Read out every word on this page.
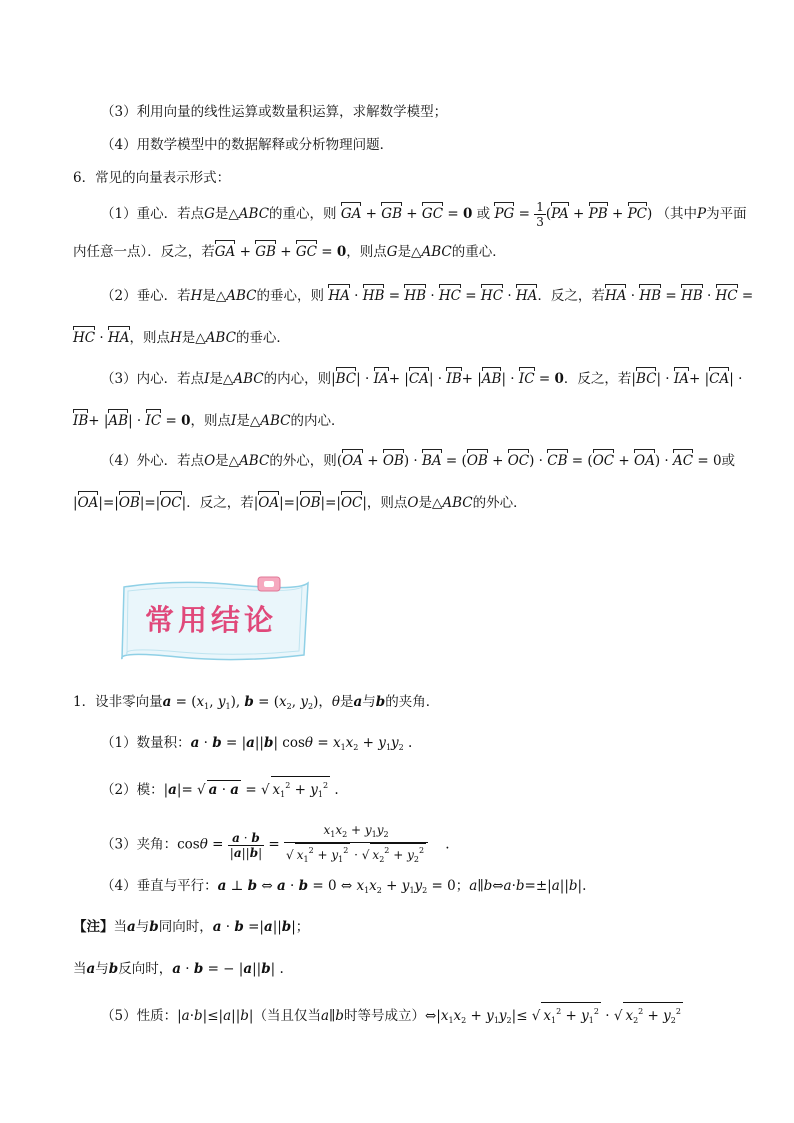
（3）利用向量的线性运算或数量积运算，求解数学模型；
（4）用数学模型中的数据解释或分析物理问题．
6．常见的向量表示形式：
（1）重心．若点G是△ABC的重心，则 GA + GB + GC = 0 或 PG = $\frac{1}{3} (PA$ + PB + PC) （其中P为平面
内任意一点）．反之，若GA + GB + GC = 0，则点G是△ABC的重心．
（2）垂心．若H是△ABC的垂心，则 HA · HB = HB · HC = HC · HA．反之，若HA · HB = HB · HC =
HC · HA，则点H是△ABC的垂心．
（3）内心．若点I是△ABC的内心，则|BC| · IA+ |CA| · IB+ |AB| · IC = 0．反之，若|BC| · IA+ |CA| ·
IB+ |AB| · IC = 0，则点I是△ABC的内心．
（4）外心．若点O是△ABC的外心，则(OA + OB) · BA = (OB + OC) · CB = (OC + OA) · AC = 0或
|OA|=|OB|=|OC|．反之，若|OA|=|OB|=|OC|，则点O是△ABC的外心．
常用结论
1．设非零向量$a = (x_1$, $y_1$), $b = (x_2$, $y_2$)，θ是a与b的夹角．
（1）数量积：a · b = |a||b| $\cos\theta = x_1x_2 + y_1y_2$ .
（2）模：|a|= √ a · a = √ $x_1^2 + y_1^2$ .
（3）夹角：$\cos\theta = \frac{a \cdot b}{|a||b|} = \frac{x_1x_2 + y_1y_2}{√ x_1^2 + y_1^2 \cdot √ x_2^2 + y_2^2}$ .
（4）垂直与平行：a ⊥ b ⇔ a · b = 0 ⇔ $x_1x_2 + y_1y_2 = 0$；a∥b⇔a·b=±|a||b|.
【注】当a与b同向时，a · b =|a||b|；
当a与b反向时，a · b = − |a||b| .
（5）性质：|a·b|≤|a||b|（当且仅当a∥b时等号成立）$\Leftrightarrow|x_1x_2 + y_1y_2|\le$ √ $x_1^2 + y_1^2$ · √ $x_2^2 + y_2^2$
